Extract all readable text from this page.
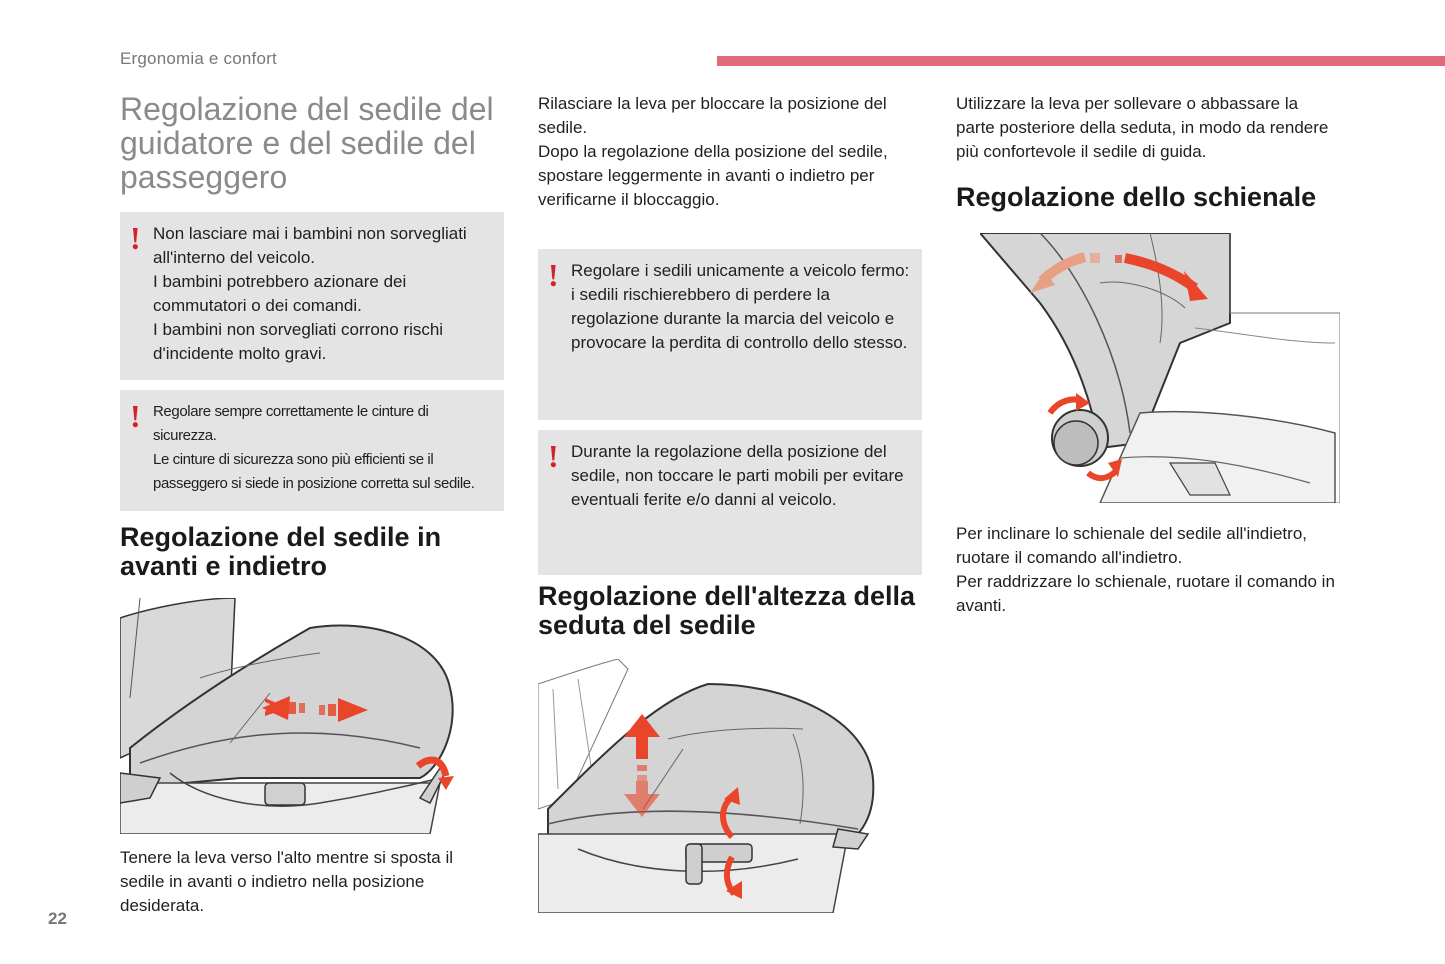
Ergonomia e confort
Regolazione del sedile del guidatore e del sedile del passeggero
! Non lasciare mai i bambini non sorvegliati all'interno del veicolo.

I bambini potrebbero azionare dei commutatori o dei comandi.

I bambini non sorvegliati corrono rischi d'incidente molto gravi.

! Regolare sempre correttamente le cinture di sicurezza.

Le cinture di sicurezza sono più efficienti se il passeggero si siede in posizione corretta sul sedile.

Regolazione del sedile in avanti e indietro
Tenere la leva verso l'alto mentre si sposta il sedile in avanti o indietro nella posizione desiderata.

Rilasciare la leva per bloccare la posizione del sedile.

Dopo la regolazione della posizione del sedile, spostare leggermente in avanti o indietro per verificarne il bloccaggio.

! Regolare i sedili unicamente a veicolo fermo: i sedili rischierebbero di perdere la regolazione durante la marcia del veicolo e provocare la perdita di controllo dello stesso.

! Durante la regolazione della posizione del sedile, non toccare le parti mobili per evitare eventuali ferite e/o danni al veicolo.

Regolazione dell'altezza della seduta del sedile
Utilizzare la leva per sollevare o abbassare la parte posteriore della seduta, in modo da rendere più confortevole il sedile di guida.
Regolazione dello schienale

Per inclinare lo schienale del sedile all'indietro, ruotare il comando all'indietro.

Per raddrizzare lo schienale, ruotare il comando in avanti.

22
